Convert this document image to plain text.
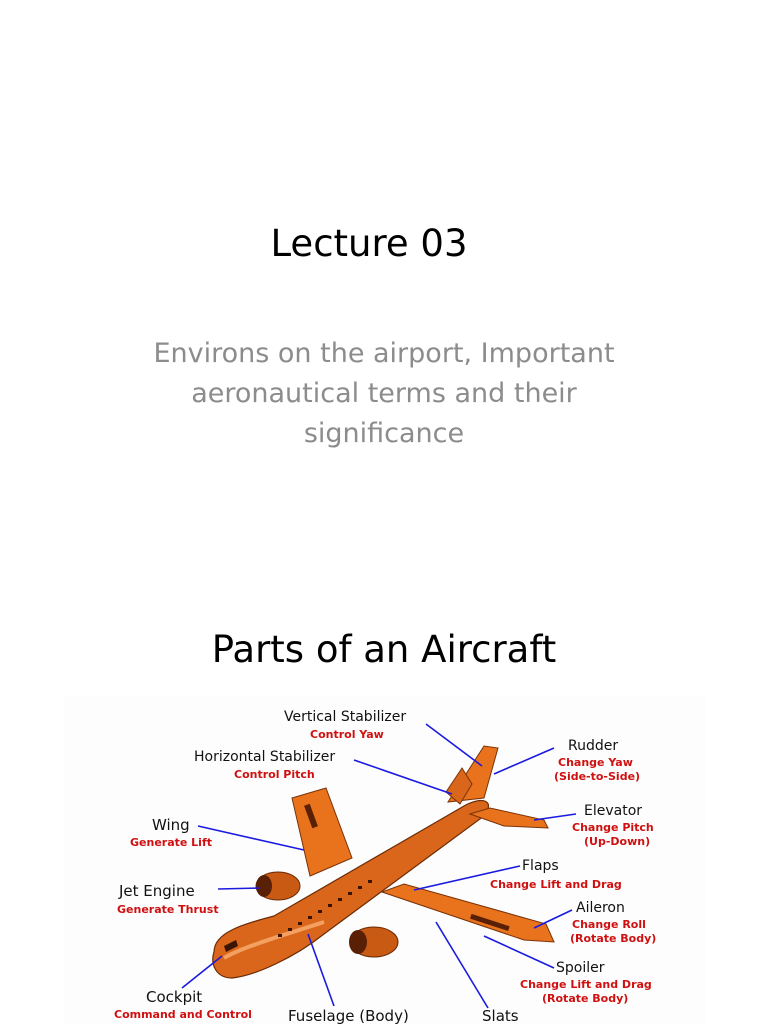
Lecture 03
Environs on the airport, Important aeronautical terms and their significance
Parts of an Aircraft
Vertical Stabilizer
Control Yaw
Horizontal Stabilizer
Control Pitch
Wing
Generate Lift
Jet Engine
Generate Thrust
Cockpit
Command and Control Fuselage (Body)	Slats
Rudder
Change Yaw
(Side-to-Side)
Elevator
Change Pitch
(Up-Down)
Flaps
Change Lift and Drag
Aileron
Change Roll
(Rotate Body)
Spoiler
Change Lift and Drag
(Rotate Body)
